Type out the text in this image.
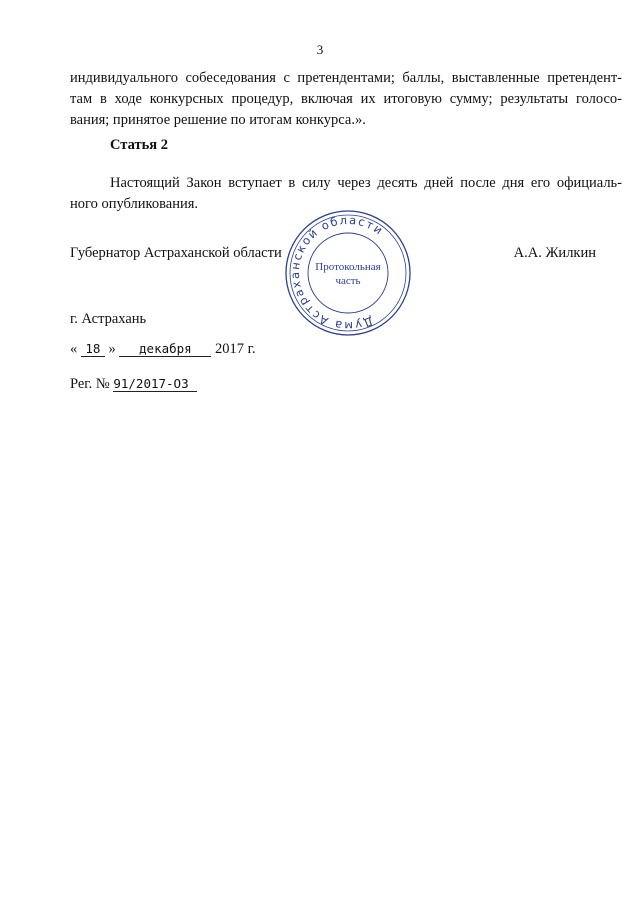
3

индивидуального собеседования с претендентами; баллы, выставленные претендент-
там в ходе конкурсных процедур, включая их итоговую сумму; результаты голосо-
вания; принятое решение по итогам конкурса.».

Статья 2

Настоящий Закон вступает в силу через десять дней после дня его официаль-
ного опубликования.

Губернатор Астраханской области	А.А. Жилкин
Дума Астраханской области
Протокольная
часть
г. Астрахань
« 18 » декабря 2017 г.
Рег. № 91/2017-ОЗ
